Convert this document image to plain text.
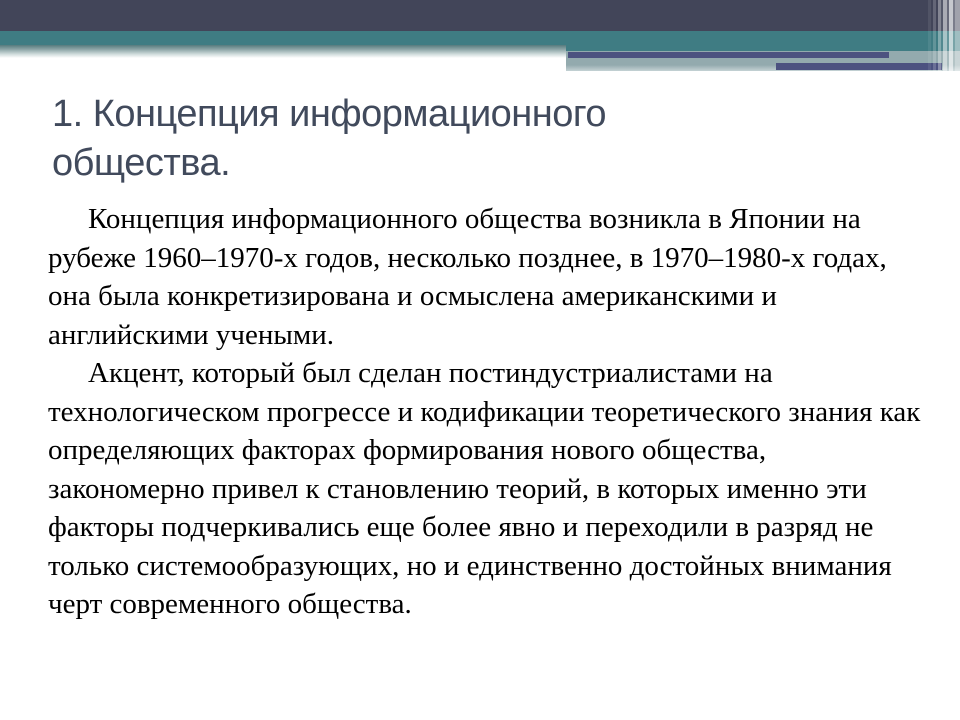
1. Концепция информационного общества.

Концепция информационного общества возникла в Японии на рубеже 1960–1970-х годов, несколько позднее, в 1970–1980-х годах, она была конкретизирована и осмыслена американскими и английскими учеными.

Акцент, который был сделан постиндустриалистами на технологическом прогрессе и кодификации теоретического знания как определяющих факторах формирования нового общества, закономерно привел к становлению теорий, в которых именно эти факторы подчеркивались еще более явно и переходили в разряд не только системообразующих, но и единственно достойных внимания черт современного общества.
